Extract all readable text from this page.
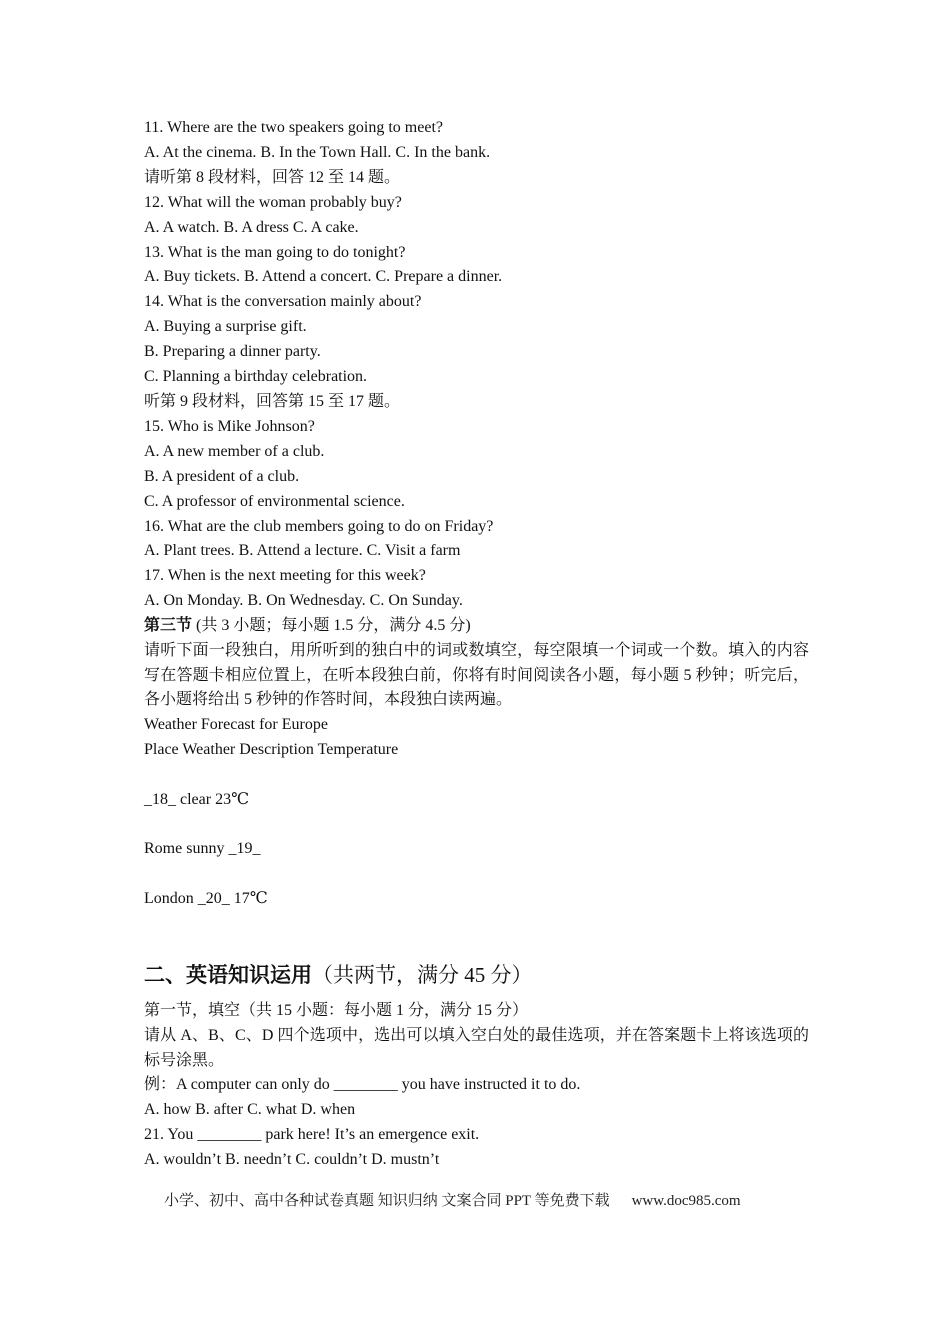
11. Where are the two speakers going to meet?
A. At the cinema. B. In the Town Hall. C. In the bank.
请听第 8 段材料，回答 12 至 14 题。
12. What will the woman probably buy?
A. A watch. B. A dress C. A cake.
13. What is the man going to do tonight?
A. Buy tickets. B. Attend a concert. C. Prepare a dinner.
14. What is the conversation mainly about?
A. Buying a surprise gift.
B. Preparing a dinner party.
C. Planning a birthday celebration.
听第 9 段材料，回答第 15 至 17 题。
15. Who is Mike Johnson?
A. A new member of a club.
B. A president of a club.
C. A professor of environmental science.
16. What are the club members going to do on Friday?
A. Plant trees. B. Attend a lecture. C. Visit a farm
17. When is the next meeting for this week?
A. On Monday. B. On Wednesday. C. On Sunday.
第三节 (共 3 小题；每小题 1.5 分，满分 4.5 分)
请听下面一段独白，用所听到的独白中的词或数填空，每空限填一个词或一个数。填入的内容写在答题卡相应位置上，在听本段独白前，你将有时间阅读各小题，每小题 5 秒钟；听完后，各小题将给出 5 秒钟的作答时间，本段独白读两遍。
Weather Forecast for Europe
Place Weather Description Temperature
_18_ clear 23℃
Rome sunny _19_
London _20_ 17℃
二、英语知识运用（共两节，满分 45 分）
第一节，填空（共 15 小题：每小题 1 分，满分 15 分）
请从 A、B、C、D 四个选项中，选出可以填入空白处的最佳选项，并在答案题卡上将该选项的标号涂黑。
例：A computer can only do ________ you have instructed it to do.
A. how B. after C. what D. when
21. You ________ park here! It’s an emergence exit.
A. wouldn’t B. needn’t C. couldn’t D. mustn’t
小学、初中、高中各种试卷真题 知识归纳 文案合同 PPT 等免费下载 www.doc985.com
